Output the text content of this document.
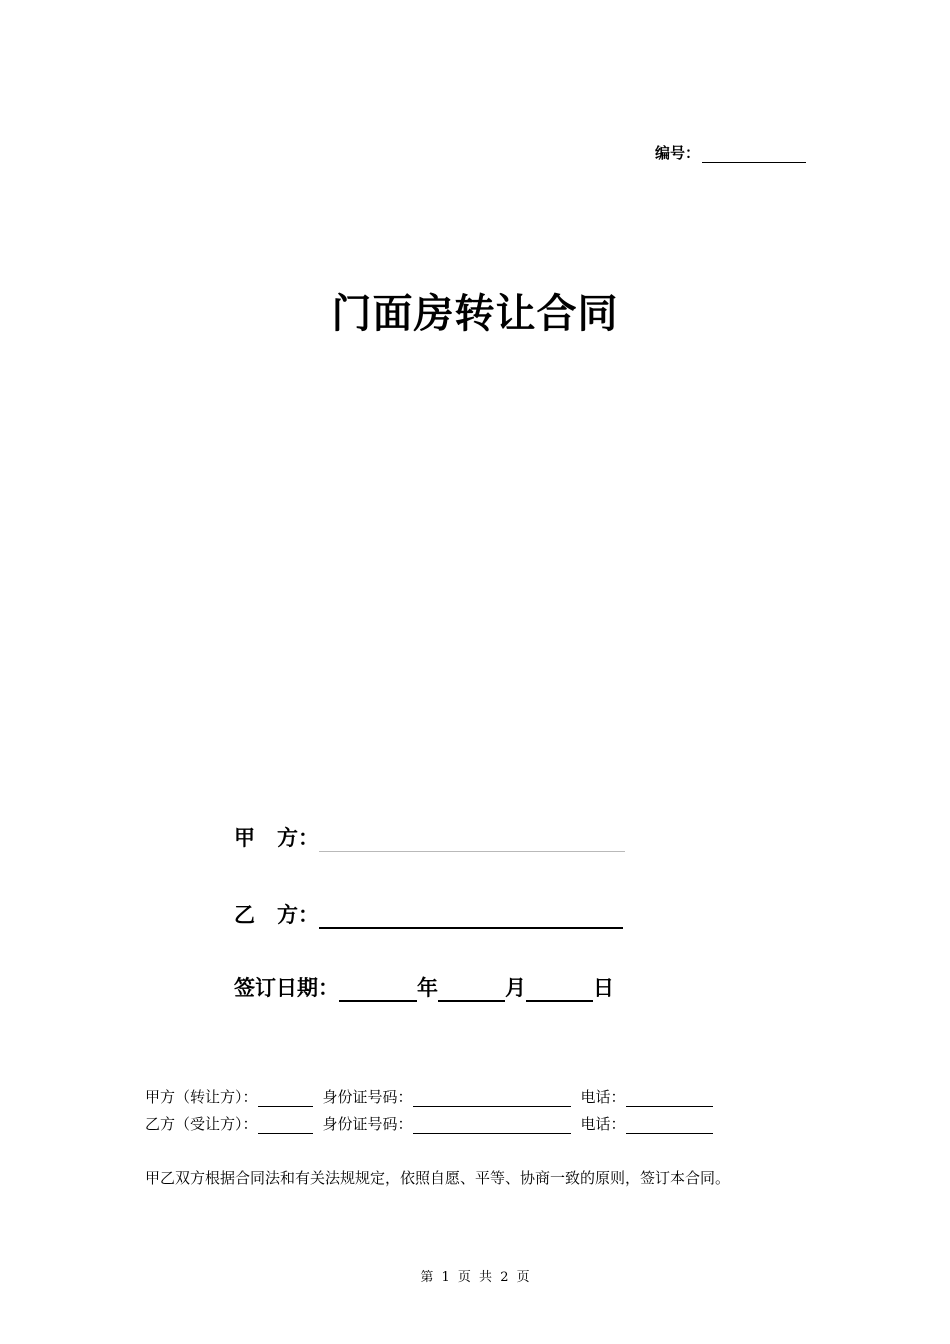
编号：
门面房转让合同
甲 方：
乙 方：
签订日期：	年	月	日
甲方（转让方）：	身份证号码：	电话：
乙方（受让方）：	身份证号码：	电话：
甲乙双方根据合同法和有关法规规定，依照自愿、平等、协商一致的原则，签订本合同。
第 1 页 共 2 页
